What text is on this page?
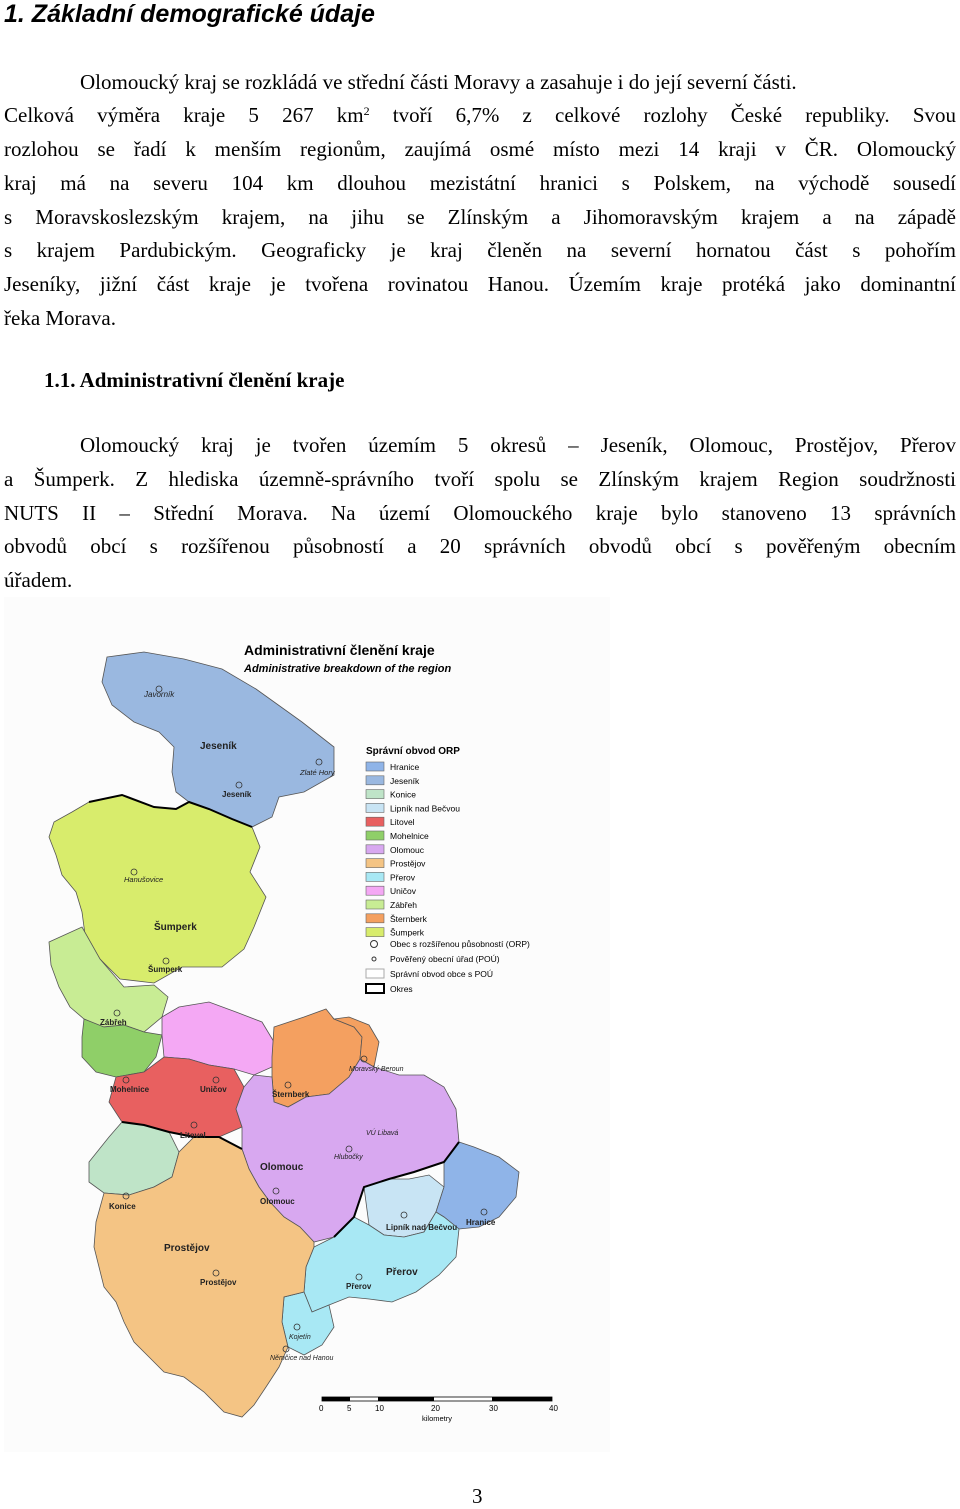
1. Základní demografické údaje
Olomoucký kraj se rozkládá ve střední části Moravy a zasahuje i do její severní části.
Celková výměra kraje 5 267 $km^2$ tvoří 6,7% z celkové rozlohy České republiky. Svou
rozlohou se řadí k menším regionům, zaujímá osmé místo mezi 14 kraji v ČR. Olomoucký
kraj má na severu 104 km dlouhou mezistátní hranici s Polskem, na východě sousedí
s Moravskoslezským krajem, na jihu se Zlínským a Jihomoravským krajem a na západě
s krajem Pardubickým. Geograficky je kraj členěn na severní hornatou část s pohořím
Jeseníky, jižní část kraje je tvořena rovinatou Hanou. Územím kraje protéká jako dominantní
řeka Morava.
1.1. Administrativní členění kraje
Olomoucký kraj je tvořen územím 5 okresů – Jeseník, Olomouc, Prostějov, Přerov
a Šumperk. Z hlediska územně-správního tvoří spolu se Zlínským krajem Region soudržnosti
NUTS II – Střední Morava. Na území Olomouckého kraje bylo stanoveno 13 správních
obvodů obcí s rozšířenou působností a 20 správních obvodů obcí s pověřeným obecním
úřadem.
Administrativní členění kraje
Administrative breakdown of the region
Javorník
Jeseník
Zlaté Hory
Jeseník
Hanušovice
Šumperk
Šumperk
Zábřeh
Mohelnice	Uničov
Šternberk
Moravský Beroun
Litovel	VÚ Libavá
Hlubočky
Olomouc
Olomouc
Konice
Lipník nad Bečvou
Hranice
Prostějov
Prostějov
Přerov
Přerov
Kojetín
Němčice nad Hanou
Správní obvod ORP
Hranice
Jeseník
Konice
Lipník nad Bečvou
Litovel
Mohelnice
Olomouc
Prostějov
Přerov
Uničov
Zábřeh
Šternberk
Šumperk
Obec s rozšířenou působností (ORP)
Pověřený obecní úřad (POÚ)
Správní obvod obce s POÚ
Okres
0	5	10	20	30	40
kilometry
3
